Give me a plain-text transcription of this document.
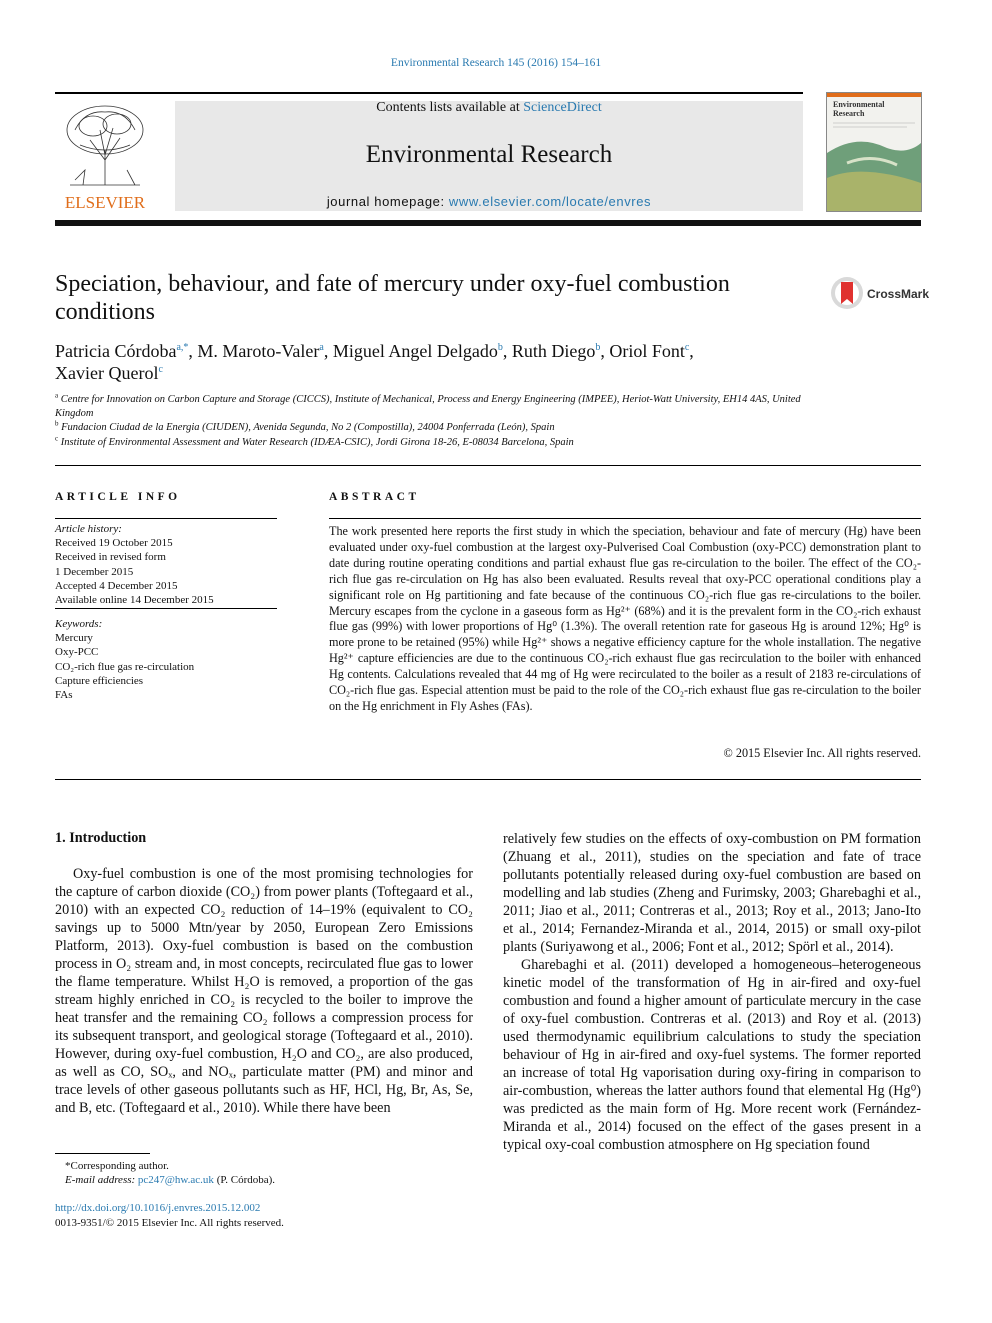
Environmental Research 145 (2016) 154–161
ELSEVIER
Contents lists available at ScienceDirect
Environmental Research
journal homepage: www.elsevier.com/locate/envres
Environmental
Research
Speciation, behaviour, and fate of mercury under oxy-fuel combustion conditions
CrossMark
Patricia Córdoba$^{a,*}$, M. Maroto-Valer$^a$, Miguel Angel Delgado$^b$, Ruth Diego$^b$, Oriol Font$^c$,
Xavier Querol$^c$
$^a$ Centre for Innovation on Carbon Capture and Storage (CICCS), Institute of Mechanical, Process and Energy Engineering (IMPEE), Heriot-Watt University, EH14 4AS, United Kingdom
$^b$ Fundacion Ciudad de la Energia (CIUDEN), Avenida Segunda, No 2 (Compostilla), 24004 Ponferrada (León), Spain
$^c$ Institute of Environmental Assessment and Water Research (IDÆA-CSIC), Jordi Girona 18-26, E-08034 Barcelona, Spain
ARTICLE INFO
Article history:
Received 19 October 2015
Received in revised form
1 December 2015
Accepted 4 December 2015
Available online 14 December 2015
Keywords:
Mercury
Oxy-PCC
CO₂-rich flue gas re-circulation
Capture efficiencies
FAs
ABSTRACT
The work presented here reports the first study in which the speciation, behaviour and fate of mercury (Hg) have been evaluated under oxy-fuel combustion at the largest oxy-Pulverised Coal Combustion (oxy-PCC) demonstration plant to date during routine operating conditions and partial exhaust flue gas re-circulation to the boiler. The effect of the CO₂-rich flue gas re-circulation on Hg has also been evaluated. Results reveal that oxy-PCC operational conditions play a significant role on Hg partitioning and fate because of the continuous CO₂-rich flue gas re-circulations to the boiler. Mercury escapes from the cyclone in a gaseous form as Hg²⁺ (68%) and it is the prevalent form in the CO₂-rich exhaust flue gas (99%) with lower proportions of Hg⁰ (1.3%). The overall retention rate for gaseous Hg is around 12%; Hg⁰ is more prone to be retained (95%) while Hg²⁺ shows a negative efficiency capture for the whole installation. The negative Hg²⁺ capture efficiencies are due to the continuous CO₂-rich exhaust flue gas recirculation to the boiler with enhanced Hg contents. Calculations revealed that 44 mg of Hg were recirculated to the boiler as a result of 2183 re-circulations of CO₂-rich flue gas. Especial attention must be paid to the role of the CO₂-rich exhaust flue gas re-circulation to the boiler on the Hg enrichment in Fly Ashes (FAs).
© 2015 Elsevier Inc. All rights reserved.
1. Introduction

Oxy-fuel combustion is one of the most promising technologies for the capture of carbon dioxide (CO₂) from power plants (Toftegaard et al., 2010) with an expected CO₂ reduction of 14–19% (equivalent to CO₂ savings up to 5000 Mtn/year by 2050, European Zero Emissions Platform, 2013). Oxy-fuel combustion is based on the combustion process in O₂ stream and, in most concepts, recirculated flue gas to lower the flame temperature. Whilst H₂O is removed, a proportion of the gas stream highly enriched in CO₂ is recycled to the boiler to improve the heat transfer and the remaining CO₂ follows a compression process for its subsequent transport, and geological storage (Toftegaard et al., 2010). However, during oxy-fuel combustion, H₂O and CO₂, are also produced, as well as CO, SOₓ, and NOₓ, particulate matter (PM) and minor and trace levels of other gaseous pollutants such as HF, HCl, Hg, Br, As, Se, and B, etc. (Toftegaard et al., 2010). While there have been

relatively few studies on the effects of oxy-combustion on PM formation (Zhuang et al., 2011), studies on the speciation and fate of trace pollutants potentially released during oxy-fuel combustion are based on modelling and lab studies (Zheng and Furimsky, 2003; Gharebaghi et al., 2011; Jiao et al., 2011; Contreras et al., 2013; Roy et al., 2013; Jano-Ito et al., 2014; Fernandez-Miranda et al., 2014, 2015) or small oxy-pilot plants (Suriyawong et al., 2006; Font et al., 2012; Spörl et al., 2014).

Gharebaghi et al. (2011) developed a homogeneous–heterogeneous kinetic model of the transformation of Hg in air-fired and oxy-fuel combustion and found a higher amount of particulate mercury in the case of oxy-fuel combustion. Contreras et al. (2013) and Roy et al. (2013) used thermodynamic equilibrium calculations to study the speciation behaviour of Hg in air-fired and oxy-fuel systems. The former reported an increase of total Hg vaporisation during oxy-firing in comparison to air-combustion, whereas the latter authors found that elemental Hg (Hg⁰) was predicted as the main form of Hg. More recent work (Fernández-Miranda et al., 2014) focused on the effect of the gases present in a typical oxy-coal combustion atmosphere on Hg speciation found

*Corresponding author.
E-mail address: pc247@hw.ac.uk (P. Córdoba).
http://dx.doi.org/10.1016/j.envres.2015.12.002
0013-9351/© 2015 Elsevier Inc. All rights reserved.
